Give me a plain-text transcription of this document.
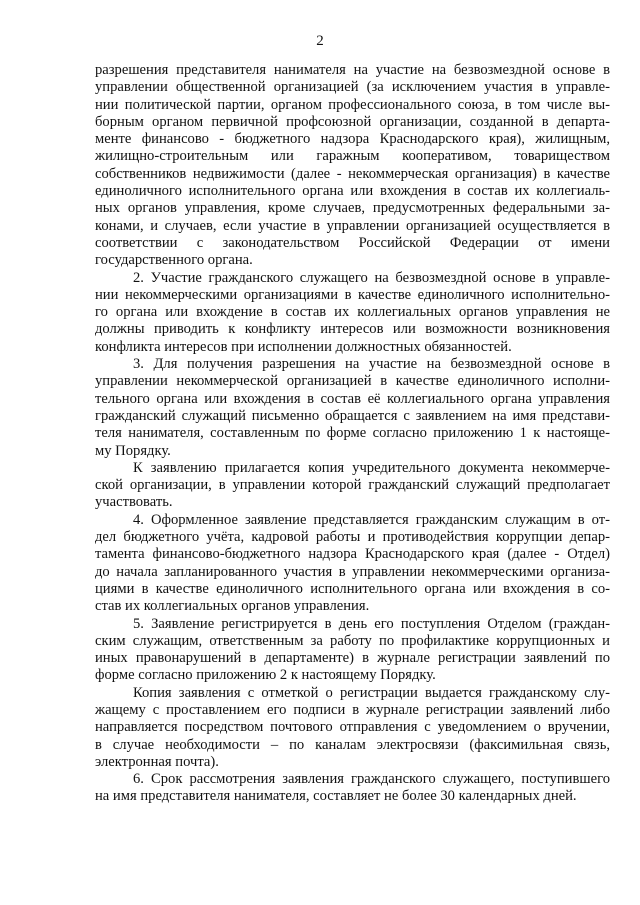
2
разрешения представителя нанимателя на участие на безвозмездной основе в
управлении общественной организацией (за исключением участия в управле-
нии политической партии, органом профессионального союза, в том числе вы-
борным органом первичной профсоюзной организации, созданной в департа-
менте финансово - бюджетного надзора Краснодарского края), жилищным,
жилищно-строительным или гаражным кооперативом, товариществом
собственников недвижимости (далее - некоммерческая организация) в качестве
единоличного исполнительного органа или вхождения в состав их коллегиаль-
ных органов управления, кроме случаев, предусмотренных федеральными за-
конами, и случаев, если участие в управлении организацией осуществляется в
соответствии с законодательством Российской Федерации от имени
государственного органа.
2. Участие гражданского служащего на безвозмездной основе в управле-
нии некоммерческими организациями в качестве единоличного исполнительно-
го органа или вхождение в состав их коллегиальных органов управления не
должны приводить к конфликту интересов или возможности возникновения
конфликта интересов при исполнении должностных обязанностей.
3. Для получения разрешения на участие на безвозмездной основе в
управлении некоммерческой организацией в качестве единоличного исполни-
тельного органа или вхождения в состав её коллегиального органа управления
гражданский служащий письменно обращается с заявлением на имя представи-
теля нанимателя, составленным по форме согласно приложению 1 к настояще-
му Порядку.
К заявлению прилагается копия учредительного документа некоммерче-
ской организации, в управлении которой гражданский служащий предполагает
участвовать.
4. Оформленное заявление представляется гражданским служащим в от-
дел бюджетного учёта, кадровой работы и противодействия коррупции депар-
тамента финансово-бюджетного надзора Краснодарского края (далее - Отдел)
до начала запланированного участия в управлении некоммерческими организа-
циями в качестве единоличного исполнительного органа или вхождения в со-
став их коллегиальных органов управления.
5. Заявление регистрируется в день его поступления Отделом (граждан-
ским служащим, ответственным за работу по профилактике коррупционных и
иных правонарушений в департаменте) в журнале регистрации заявлений по
форме согласно приложению 2 к настоящему Порядку.
Копия заявления с отметкой о регистрации выдается гражданскому слу-
жащему с проставлением его подписи в журнале регистрации заявлений либо
направляется посредством почтового отправления с уведомлением о вручении,
в случае необходимости – по каналам электросвязи (факсимильная связь,
электронная почта).
6. Срок рассмотрения заявления гражданского служащего, поступившего
на имя представителя нанимателя, составляет не более 30 календарных дней.
